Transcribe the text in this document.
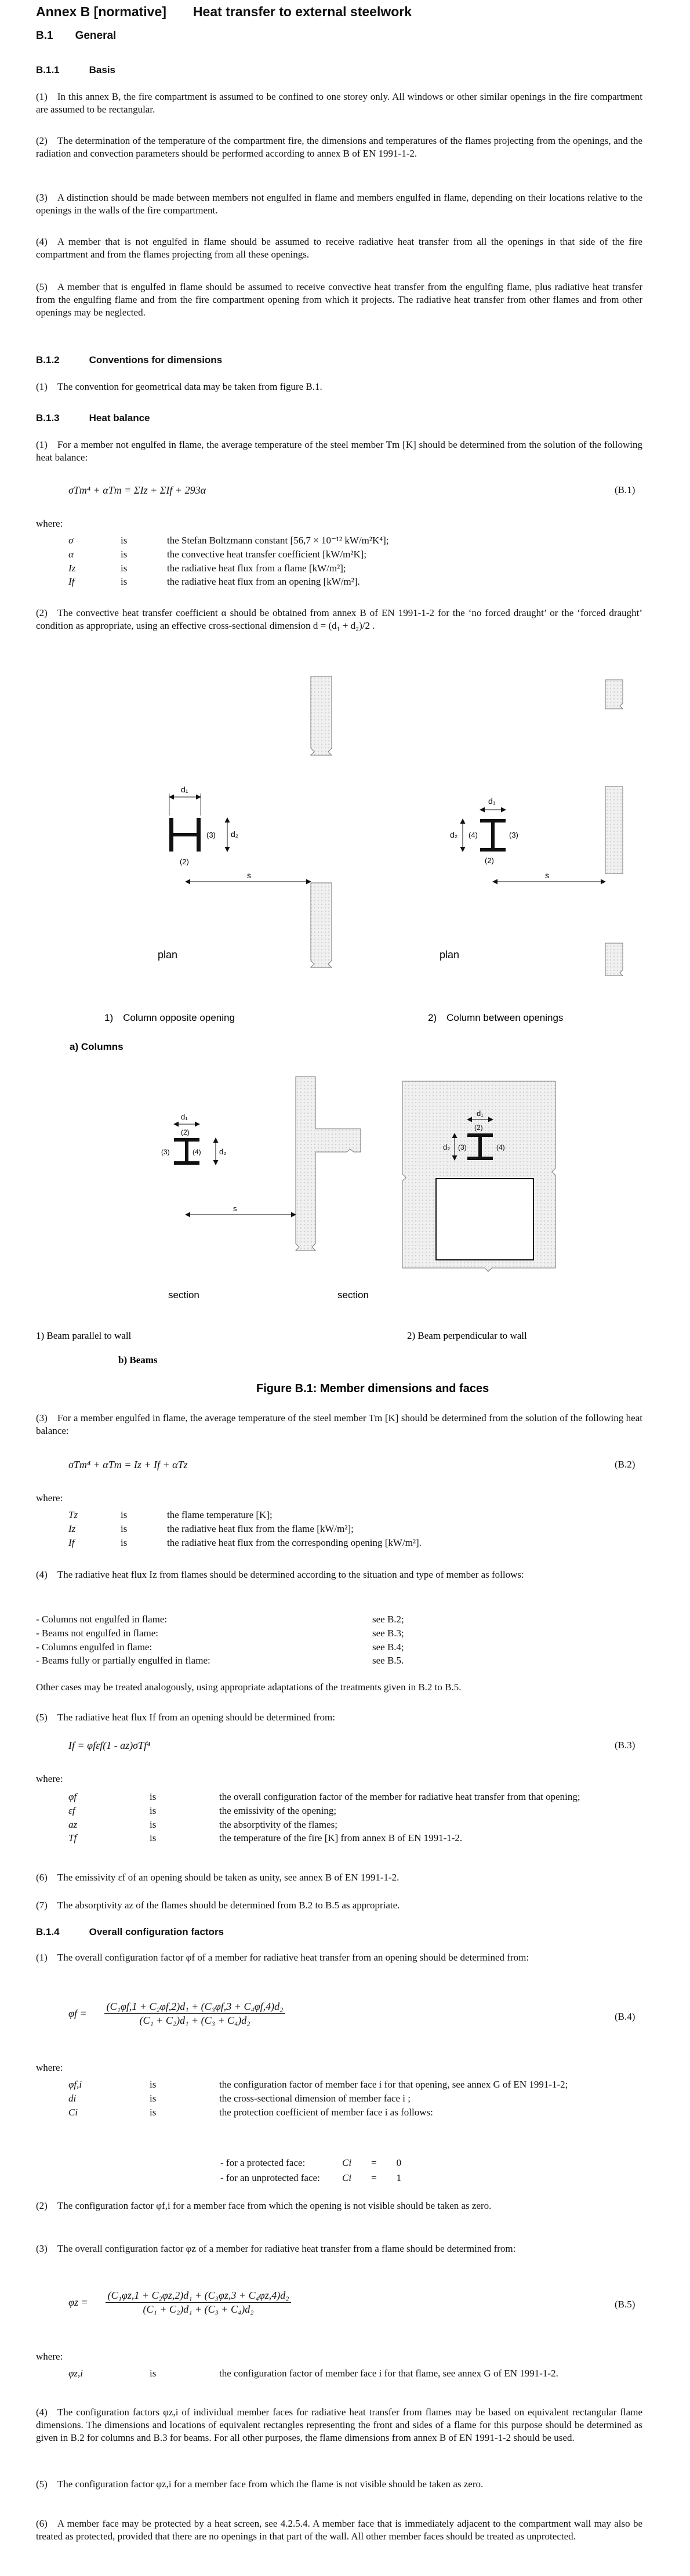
Annex B [normative]  Heat transfer to external steelwork
B.1  General
B.1.1   Basis
(1) In this annex B, the fire compartment is assumed to be confined to one storey only. All windows or other similar openings in the fire compartment are assumed to be rectangular.
(2) The determination of the temperature of the compartment fire, the dimensions and temperatures of the flames projecting from the openings, and the radiation and convection parameters should be performed according to annex B of EN 1991-1-2.
(3) A distinction should be made between members not engulfed in flame and members engulfed in flame, depending on their locations relative to the openings in the walls of the fire compartment.
(4) A member that is not engulfed in flame should be assumed to receive radiative heat transfer from all the openings in that side of the fire compartment and from the flames projecting from all these openings.
(5) A member that is engulfed in flame should be assumed to receive convective heat transfer from the engulfing flame, plus radiative heat transfer from the engulfing flame and from the fire compartment opening from which it projects. The radiative heat transfer from other flames and from other openings may be neglected.
B.1.2   Conventions for dimensions
(1) The convention for geometrical data may be taken from figure B.1.
B.1.3   Heat balance
(1) For a member not engulfed in flame, the average temperature of the steel member Tm [K] should be determined from the solution of the following heat balance:
σTm⁴ + αTm = ΣIz + ΣIf + 293α	(B.1)
where:
σ	is	the Stefan Boltzmann constant [56,7 × 10⁻¹² kW/m²K⁴];
α	is	the convective heat transfer coefficient [kW/m²K];
Iz	is	the radiative heat flux from a flame [kW/m²];
If	is	the radiative heat flux from an opening [kW/m²].
(2) The convective heat transfer coefficient α should be obtained from annex B of EN 1991-1-2 for the ‘no forced draught’ or the ‘forced draught’ condition as appropriate, using an effective cross-sectional dimension d = (d₁ + d₂)/2 .
d₁
d₂
(3)
(2)
s
plan
d₁
d₂ (4)	(3)
(2)
s
plan
1) Column opposite opening	2) Column between openings
a) Columns
d₁
(2)
(3)	(4) d₂
s
section	section
d₁
(2)
(3)	(4)
d₂
1) Beam parallel to wall	2) Beam perpendicular to wall
b) Beams
Figure B.1: Member dimensions and faces
(3) For a member engulfed in flame, the average temperature of the steel member Tm [K] should be determined from the solution of the following heat balance:
σTm⁴ + αTm = Iz + If + αTz	(B.2)
where:
Tz	is	the flame temperature [K];
Iz	is	the radiative heat flux from the flame [kW/m²];
If	is	the radiative heat flux from the corresponding opening [kW/m²].
(4) The radiative heat flux Iz from flames should be determined according to the situation and type of member as follows:
- Columns not engulfed in flame:	see B.2;
- Beams not engulfed in flame:	see B.3;
- Columns engulfed in flame:	see B.4;
- Beams fully or partially engulfed in flame:	see B.5.
Other cases may be treated analogously, using appropriate adaptations of the treatments given in B.2 to B.5.
(5) The radiative heat flux If from an opening should be determined from:
If = φfεf(1 - az)σTf⁴	(B.3)
where:
φf	is	the overall configuration factor of the member for radiative heat transfer from that opening;
εf	is	the emissivity of the opening;
az	is	the absorptivity of the flames;
Tf	is	the temperature of the fire [K] from annex B of EN 1991-1-2.
(6) The emissivity εf of an opening should be taken as unity, see annex B of EN 1991-1-2.
(7) The absorptivity az of the flames should be determined from B.2 to B.5 as appropriate.
B.1.4   Overall configuration factors
(1) The overall configuration factor φf of a member for radiative heat transfer from an opening should be determined from:
$\varphi f = \frac{\text{(C₁φf,1 + C₂φf,2)d₁ + (C₃φf,3 + C₄φf,4)d₂}}{\text{(C₁ + C₂)d₁ + (C₃ + C₄)d₂}}$	(B.4)
where:
φf,i	is	the configuration factor of member face i for that opening, see annex G of EN 1991-1-2;
di	is	the cross-sectional dimension of member face i ;
Ci	is	the protection coefficient of member face i as follows:
- for a protected face:	Ci	=  0
- for an unprotected face:	Ci	=  1
(2) The configuration factor φf,i for a member face from which the opening is not visible should be taken as zero.
(3) The overall configuration factor φz of a member for radiative heat transfer from a flame should be determined from:
$\varphi z = \frac{\text{(C₁φz,1 + C₂φz,2)d₁ + (C₃φz,3 + C₄φz,4)d₂}}{\text{(C₁ + C₂)d₁ + (C₃ + C₄)d₂}}$	(B.5)
where:
φz,i	is	the configuration factor of member face i for that flame, see annex G of EN 1991-1-2.
(4) The configuration factors φz,i of individual member faces for radiative heat transfer from flames may be based on equivalent rectangular flame dimensions. The dimensions and locations of equivalent rectangles representing the front and sides of a flame for this purpose should be determined as given in B.2 for columns and B.3 for beams. For all other purposes, the flame dimensions from annex B of EN 1991-1-2 should be used.
(5) The configuration factor φz,i for a member face from which the flame is not visible should be taken as zero.
(6) A member face may be protected by a heat screen, see 4.2.5.4. A member face that is immediately adjacent to the compartment wall may also be treated as protected, provided that there are no openings in that part of the wall. All other member faces should be treated as unprotected.
